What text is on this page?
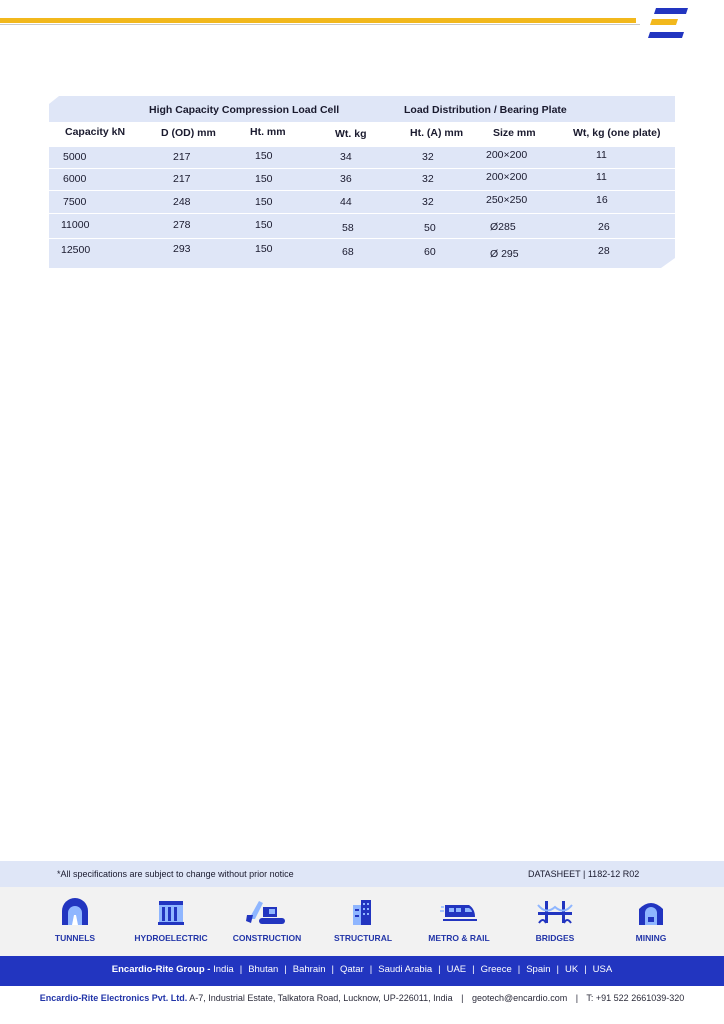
High Capacity Compression Load Cell	Load Distribution / Bearing Plate
Capacity kN	D (OD) mm	Ht. mm	Wt. kg	Ht. (A) mm	Size mm	Wt, kg (one plate)
5000	217	150	34	32	200×200	11
6000	217	150	36	32	200×200	11
7500	248	150	44	32	250×250	16
11000	278	150	58	50	Ø285	26
12500	293	150	68	60	Ø 295	28
*All specifications are subject to change without prior notice	DATASHEET | 1182-12 R02
TUNNELS	HYDROELECTRIC	CONSTRUCTION	STRUCTURAL	METRO & RAIL	BRIDGES	MINING
Encardio-Rite Group - India | Bhutan | Bahrain | Qatar | Saudi Arabia | UAE | Greece | Spain | UK | USA
Encardio-Rite Electronics Pvt. Ltd. A-7, Industrial Estate, Talkatora Road, Lucknow, UP-226011, India | geotech@encardio.com | T: +91 522 2661039-320
